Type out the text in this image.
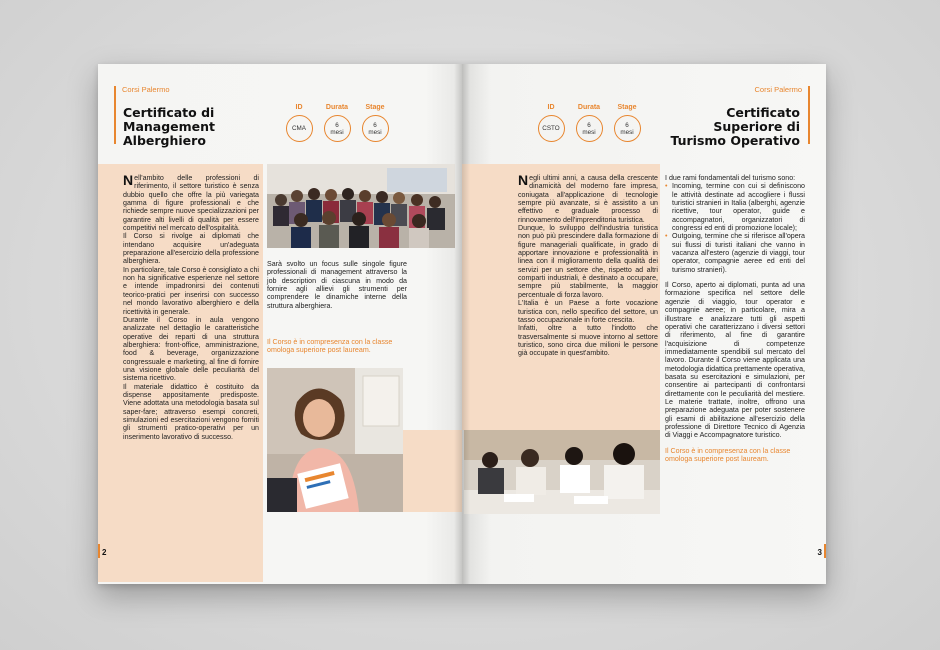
Corsi Palermo
Certificato di
Management
Alberghiero
ID
CMA
Durata
6
mesi
Stage
6
mesi

Nell'ambito delle professioni di riferimento, il settore turistico è senza dubbio quello che offre la più variegata gamma di figure professionali e che richiede sempre nuove specializzazioni per garantire alti livelli di qualità per essere competitivi nel mercato dell'ospitalità.

Il Corso si rivolge ai diplomati che intendano acquisire un'adeguata preparazione all'esercizio della professione alberghiera.

In particolare, tale Corso è consigliato a chi non ha significative esperienze nel settore e intende impadronirsi dei contenuti teorico-pratici per inserirsi con successo nel mondo lavorativo alberghiero e della ricettività in generale.

Durante il Corso in aula vengono analizzate nel dettaglio le caratteristiche operative dei reparti di una struttura alberghiera: front-office, amministrazione, food & beverage, organizzazione congressuale e marketing, al fine di fornire una visione globale delle peculiarità del sistema ricettivo.

Il materiale didattico è costituito da dispense appositamente predisposte. Viene adottata una metodologia basata sul saper-fare; attraverso esempi concreti, simulazioni ed esercitazioni vengono forniti gli strumenti pratico-operativi per un inserimento lavorativo di successo.

Sarà svolto un focus sulle singole figure professionali di management attraverso la job description di ciascuna in modo da fornire agli allievi gli strumenti per comprendere le dinamiche interne della struttura alberghiera.

Il Corso è in compresenza con la classe omologa superiore post lauream.
2
Corsi Palermo
Certificato
Superiore di
Turismo Operativo
ID
CSTO
Durata
6
mesi
Stage
6
mesi

Negli ultimi anni, a causa della crescente dinamicità del moderno fare impresa, coniugata all'applicazione di tecnologie sempre più avanzate, si è assistito a un effettivo e graduale processo di rinnovamento dell'imprenditoria turistica.

Dunque, lo sviluppo dell'industria turistica non può più prescindere dalla formazione di figure manageriali qualificate, in grado di apportare innovazione e professionalità in linea con il miglioramento della qualità dei servizi per un settore che, rispetto ad altri comparti industriali, è destinato a occupare, sempre più stabilmente, la maggior percentuale di forza lavoro.

L'Italia è un Paese a forte vocazione turistica con, nello specifico del settore, un tasso occupazionale in forte crescita.

Infatti, oltre a tutto l'indotto che trasversalmente si muove intorno al settore turistico, sono circa due milioni le persone già occupate in quest'ambito.

I due rami fondamentali del turismo sono:

• Incoming, termine con cui si definiscono le attività destinate ad accogliere i flussi turistici stranieri in Italia (alberghi, agenzie ricettive, tour operator, guide e accompagnatori, organizzatori di congressi ed enti di promozione locale);
• Outgoing, termine che si riferisce all'opera sui flussi di turisti italiani che vanno in vacanza all'estero (agenzie di viaggi, tour operator, compagnie aeree ed enti del turismo stranieri).

Il Corso, aperto ai diplomati, punta ad una formazione specifica nel settore delle agenzie di viaggio, tour operator e compagnie aeree; in particolare, mira a illustrare e analizzare tutti gli aspetti operativi che caratterizzano i diversi settori di riferimento, al fine di garantire l'acquisizione di competenze immediatamente spendibili sul mercato del lavoro. Durante il Corso viene applicata una metodologia didattica prettamente operativa, basata su esercitazioni e simulazioni, per consentire ai partecipanti di confrontarsi direttamente con le peculiarità del mestiere. Le materie trattate, inoltre, offrono una preparazione adeguata per poter sostenere gli esami di abilitazione all'esercizio della professione di Direttore Tecnico di Agenzia di Viaggi e Accompagnatore turistico.

Il Corso è in compresenza con la classe omologa superiore post lauream.

3
